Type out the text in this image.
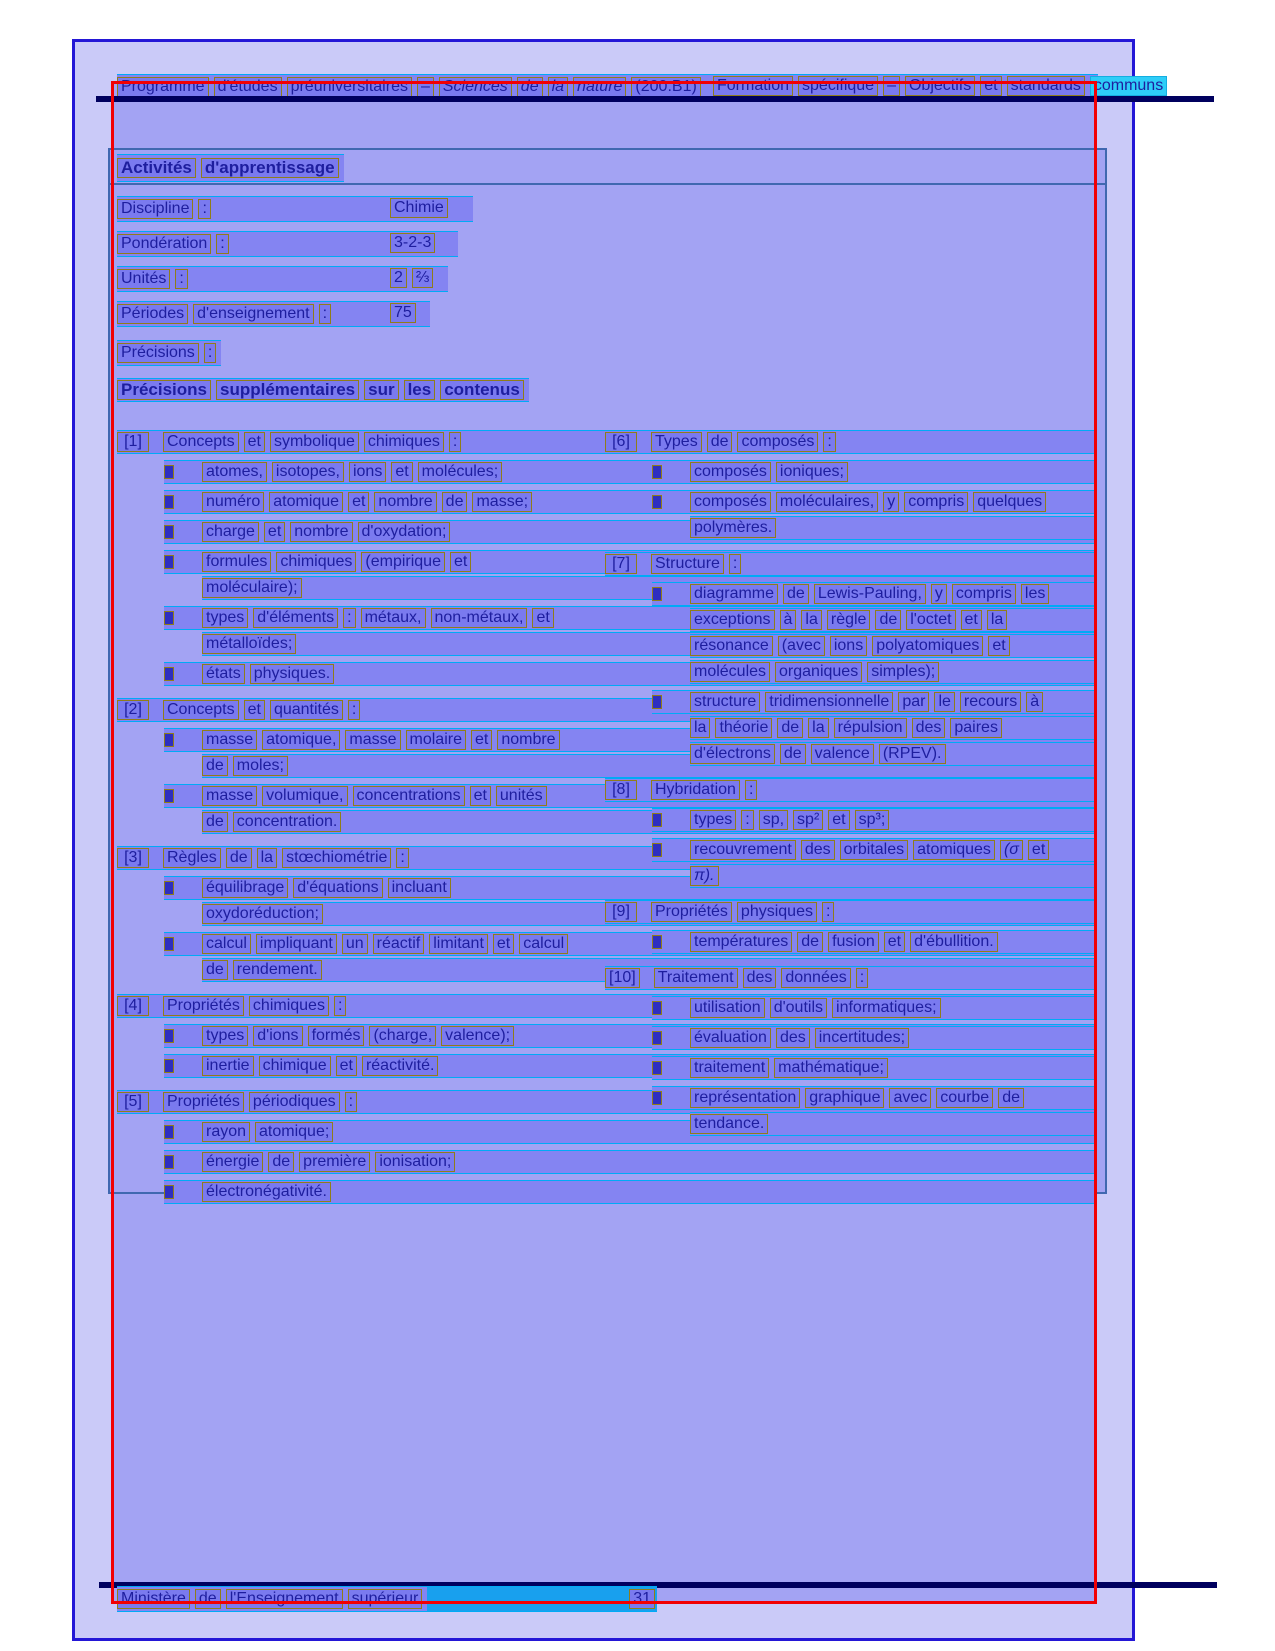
Programme d'études préuniversitaires – Sciences de la nature (200.B1) Formation spécifique – Objectifs et standards communs
Activités d'apprentissage
Discipline :	Chimie
Pondération :	3-2-3
Unités :	2 ⅔
Périodes d'enseignement :	75
Précisions :
Précisions supplémentaires sur les contenus
[1]	Concepts et symbolique chimiques :
atomes, isotopes, ions et molécules;
numéro atomique et nombre de masse;
charge et nombre d'oxydation;
formules chimiques (empirique et
moléculaire);
types d'éléments : métaux, non-métaux, et
métalloïdes;
états physiques.
[2]	Concepts et quantités :
masse atomique, masse molaire et nombre
de moles;
masse volumique, concentrations et unités
de concentration.
[3]	Règles de la stœchiométrie :
équilibrage d'équations incluant
oxydoréduction;
calcul impliquant un réactif limitant et calcul
de rendement.
[4]	Propriétés chimiques :
types d'ions formés (charge, valence);
inertie chimique et réactivité.
[5]	Propriétés périodiques :
rayon atomique;
énergie de première ionisation;
électronégativité.
[6]	Types de composés :
composés ioniques;
composés moléculaires, y compris quelques
polymères.
[7]	Structure :
diagramme de Lewis-Pauling, y compris les
exceptions à la règle de l'octet et la
résonance (avec ions polyatomiques et
molécules organiques simples);
structure tridimensionnelle par le recours à
la théorie de la répulsion des paires
d'électrons de valence (RPEV).
[8]	Hybridation :
types : sp, sp² et sp³;
recouvrement des orbitales atomiques (σ et
π).
[9]	Propriétés physiques :
températures de fusion et d'ébullition.
[10] Traitement des données :
utilisation d'outils informatiques;
évaluation des incertitudes;
traitement mathématique;
représentation graphique avec courbe de
tendance.
Ministère de l'Enseignement supérieur	31
